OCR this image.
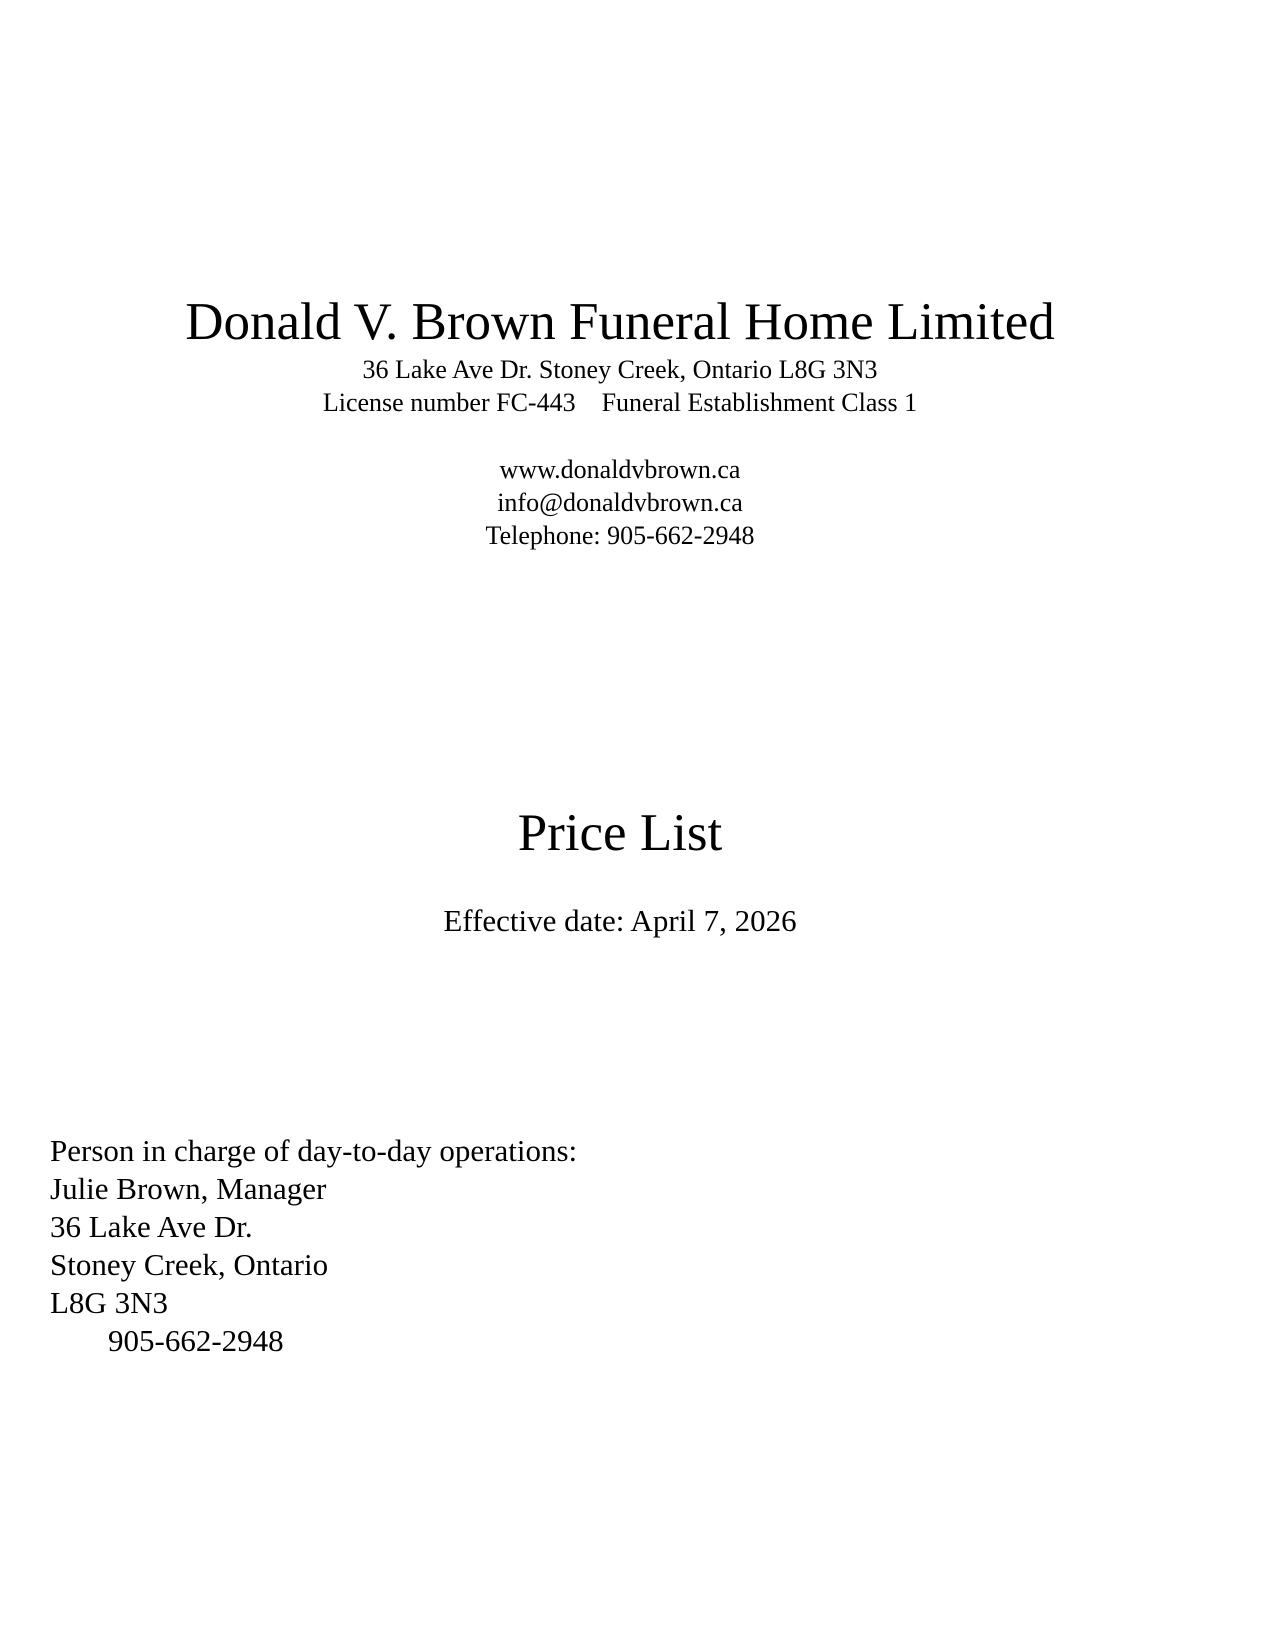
Donald V. Brown Funeral Home Limited
36 Lake Ave Dr. Stoney Creek, Ontario L8G 3N3
License number FC-443    Funeral Establishment Class 1
www.donaldvbrown.ca
info@donaldvbrown.ca
Telephone: 905-662-2948
Price List
Effective date: April 7, 2026
Person in charge of day-to-day operations:
Julie Brown, Manager
36 Lake Ave Dr.
Stoney Creek, Ontario
L8G 3N3
905-662-2948
